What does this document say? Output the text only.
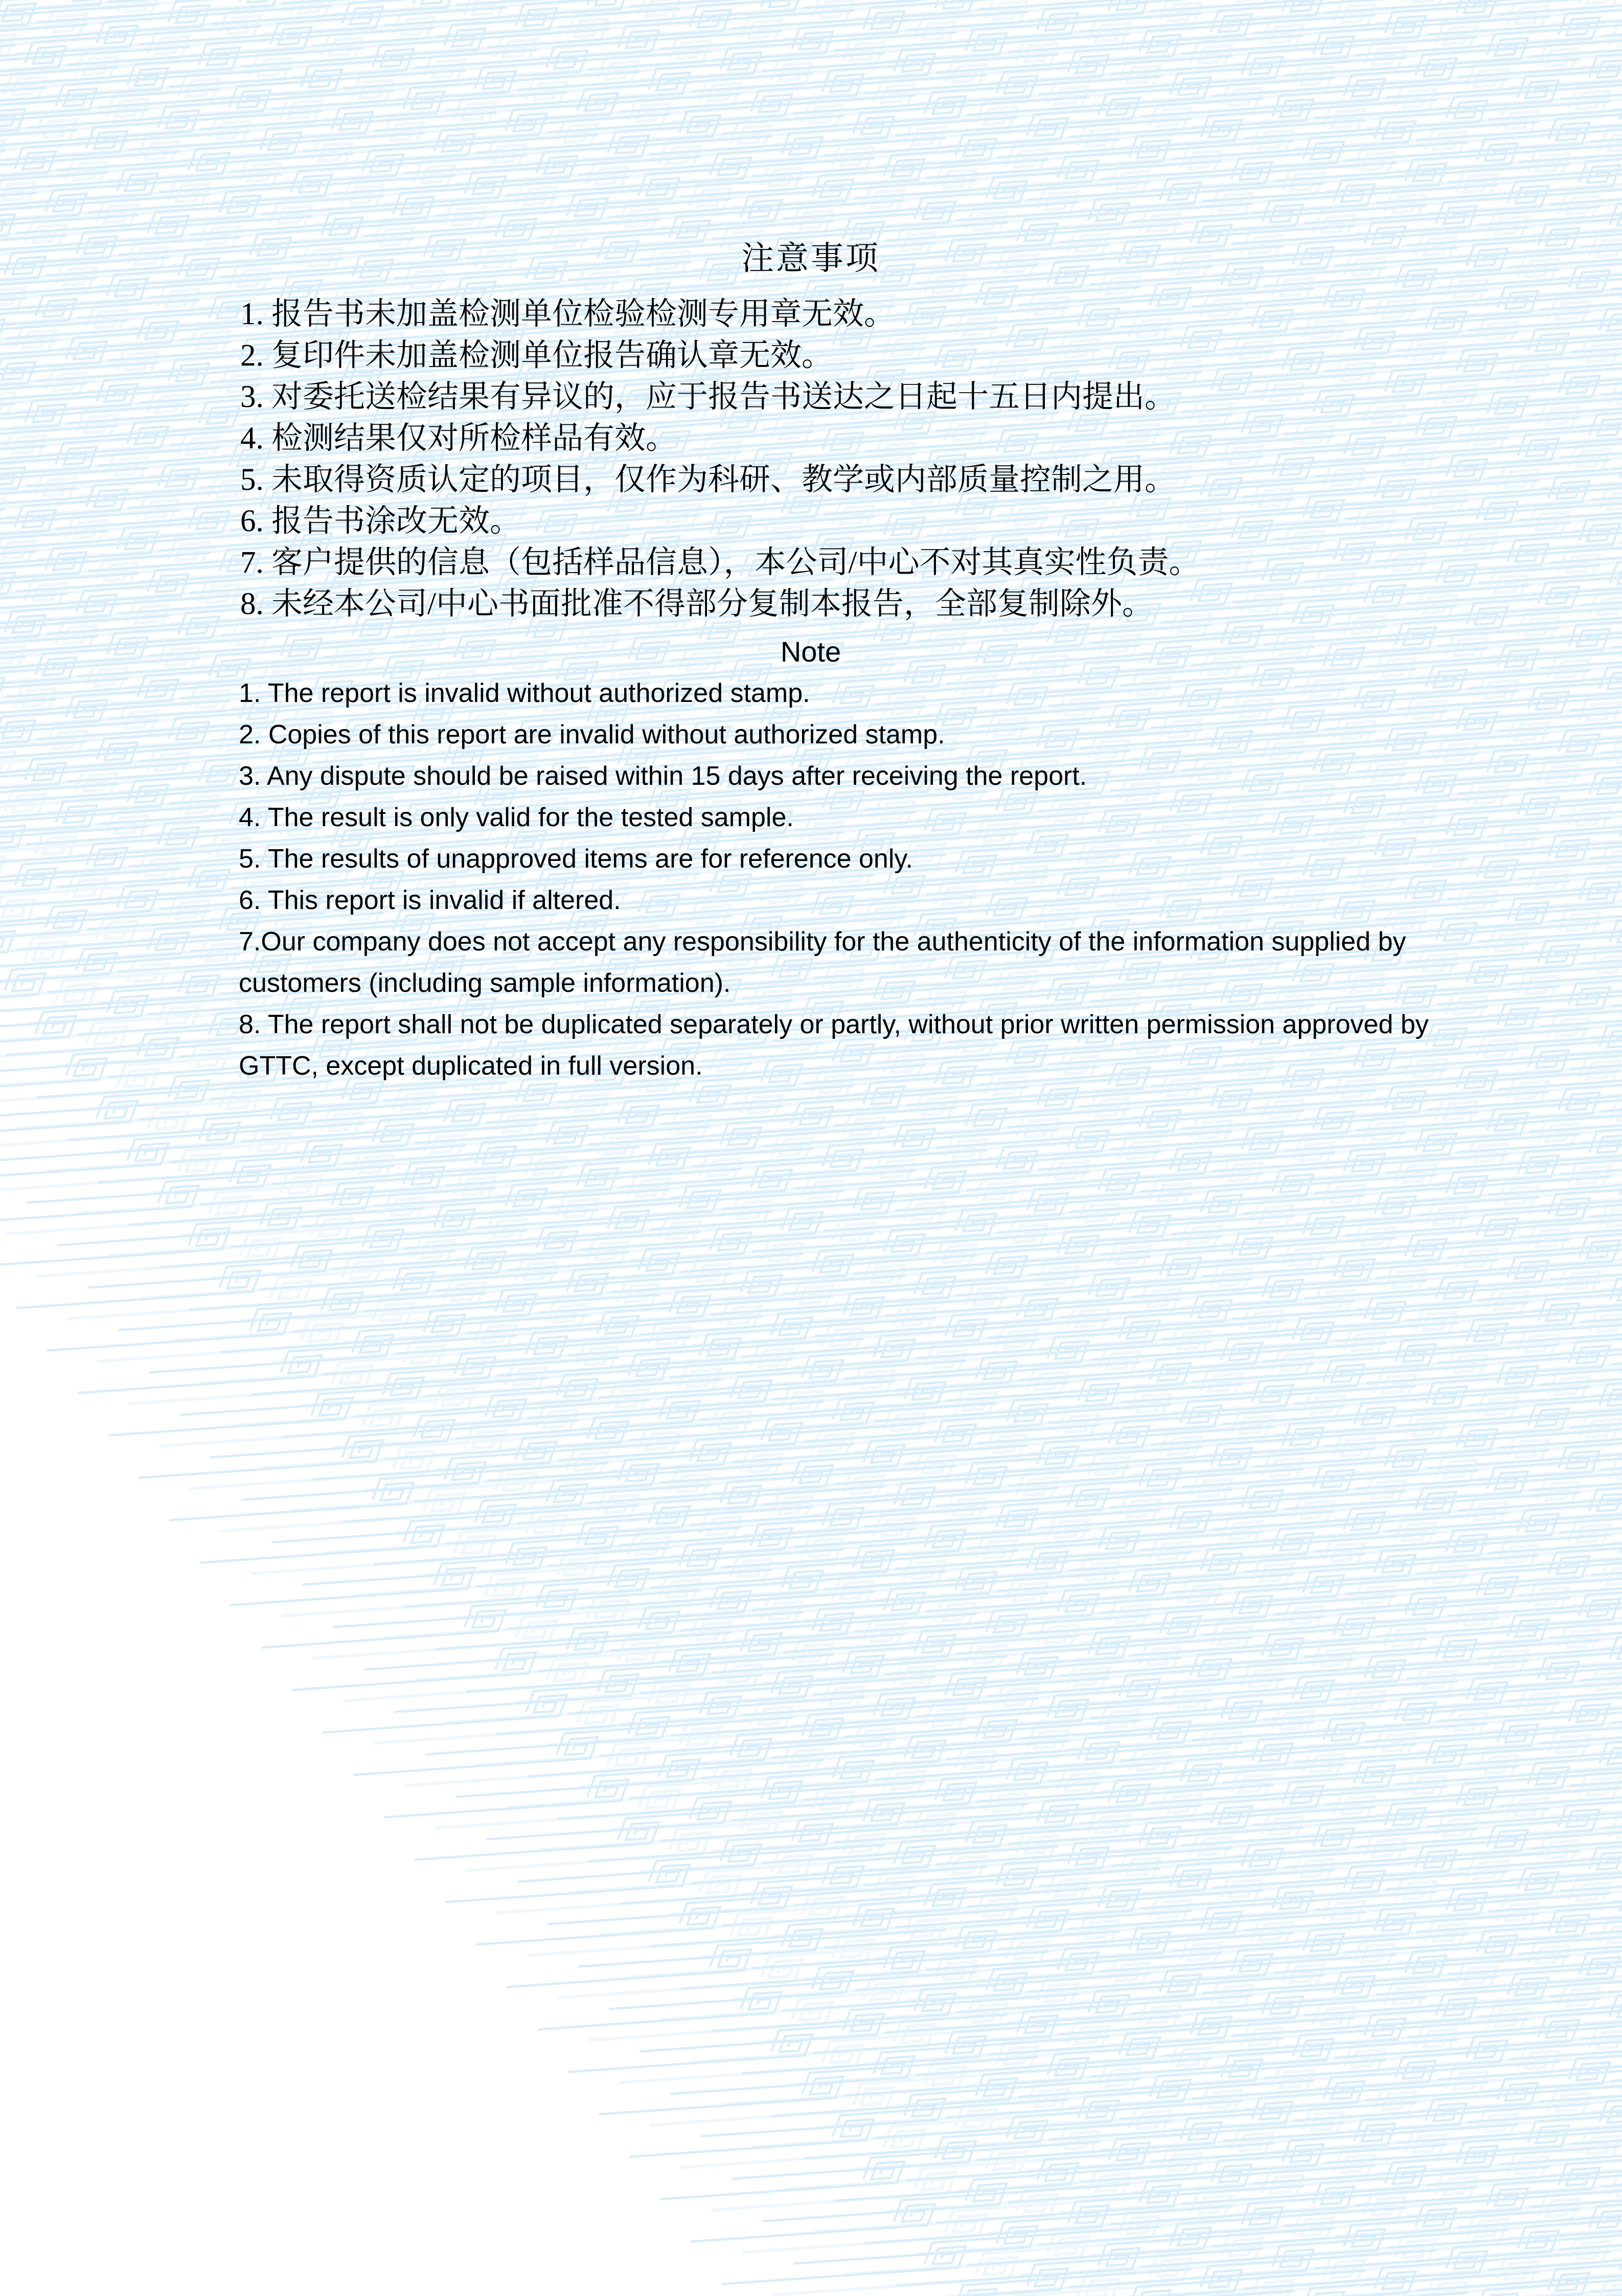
注意事项
1. 报告书未加盖检测单位检验检测专用章无效。
2. 复印件未加盖检测单位报告确认章无效。
3. 对委托送检结果有异议的，应于报告书送达之日起十五日内提出。
4. 检测结果仅对所检样品有效。
5. 未取得资质认定的项目，仅作为科研、教学或内部质量控制之用。
6. 报告书涂改无效。
7. 客户提供的信息（包括样品信息），本公司/中心不对其真实性负责。
8. 未经本公司/中心书面批准不得部分复制本报告，全部复制除外。
Note
1. The report is invalid without authorized stamp.
2. Copies of this report are invalid without authorized stamp.
3. Any dispute should be raised within 15 days after receiving the report.
4. The result is only valid for the tested sample.
5. The results of unapproved items are for reference only.
6. This report is invalid if altered.
7.Our company does not accept any responsibility for the authenticity of the information supplied by customers (including sample information).
8. The report shall not be duplicated separately or partly, without prior written permission approved by GTTC, except duplicated in full version.
